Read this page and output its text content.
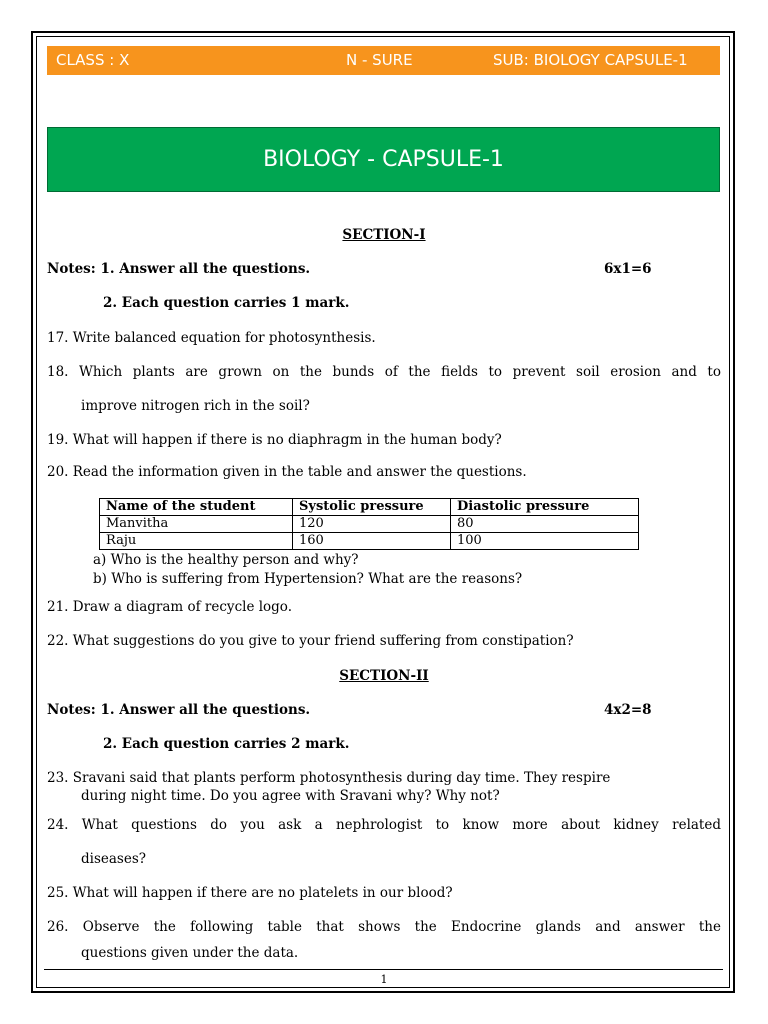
CLASS : X	N - SURE	SUB: BIOLOGY CAPSULE-1
BIOLOGY - CAPSULE-1
SECTION-I
Notes: 1. Answer all the questions.	6x1=6
2. Each question carries 1 mark.
17. Write balanced equation for photosynthesis.
18. Which plants are grown on the bunds of the fields to prevent soil erosion and to
improve nitrogen rich in the soil?
19. What will happen if there is no diaphragm in the human body?
20. Read the information given in the table and answer the questions.
Name of the student	Systolic pressure	Diastolic pressure
Manvitha	120	80
Raju	160	100
a) Who is the healthy person and why?
b) Who is suffering from Hypertension? What are the reasons?
21. Draw a diagram of recycle logo.
22. What suggestions do you give to your friend suffering from constipation?
SECTION-II
Notes: 1. Answer all the questions.	4x2=8
2. Each question carries 2 mark.
23. Sravani said that plants perform photosynthesis during day time. They respire
during night time. Do you agree with Sravani why? Why not?
24. What questions do you ask a nephrologist to know more about kidney related
diseases?
25. What will happen if there are no platelets in our blood?
26. Observe the following table that shows the Endocrine glands and answer the
questions given under the data.
1
